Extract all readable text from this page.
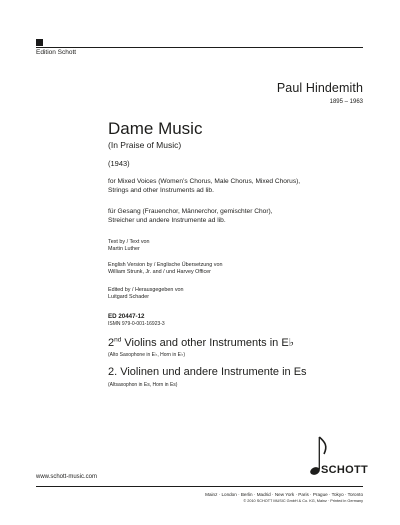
Edition Schott
Paul Hindemith
1895 – 1963
Dame Music
(In Praise of Music)
(1943)
for Mixed Voices (Women’s Chorus, Male Chorus, Mixed Chorus),
Strings and other Instruments ad lib.
für Gesang (Frauenchor, Männerchor, gemischter Chor),
Streicher und andere Instrumente ad lib.
Text by / Text von
Martin Luther
English Version by / Englische Übersetzung von
William Strunk, Jr. and / und Harvey Officer
Edited by / Herausgegeben von
Luitgard Schader
ED 20447-12
ISMN 979-0-001-16923-3
2nd Violins and other Instruments in E♭
(Alto Saxophone in E♭, Horn in E♭)
2. Violinen und andere Instrumente in Es
(Altsaxophon in Es, Horn in Es)
www.schott-music.com
SCHOTT
Mainz · London · Berlin · Madrid · New York · Paris · Prague · Tokyo · Toronto
© 2010 SCHOTT MUSIC GmbH & Co. KG, Mainz · Printed in Germany
